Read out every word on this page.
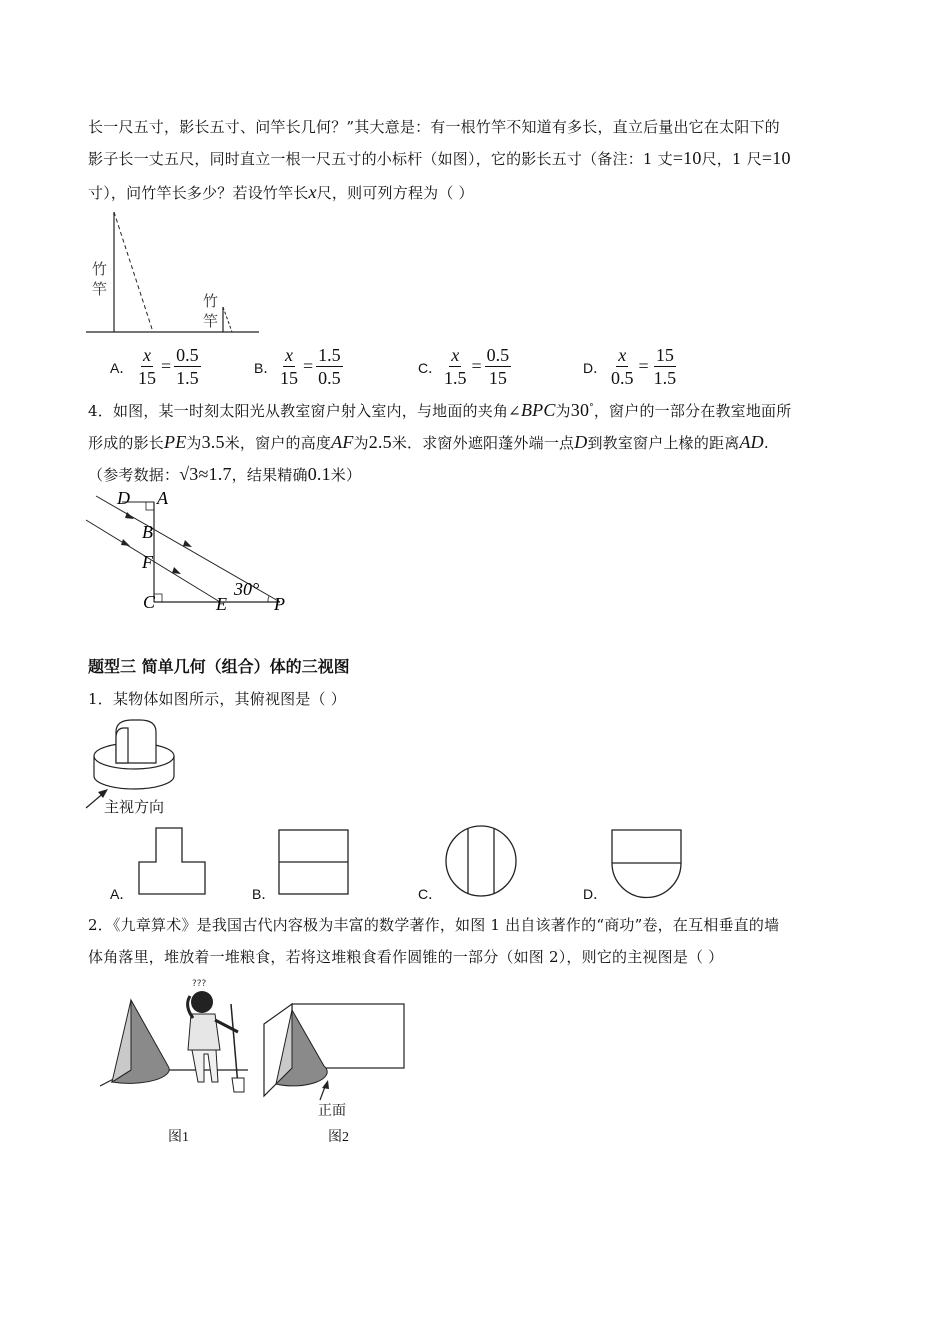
长一尺五寸，影长五寸、问竿长几何？”其大意是：有一根竹竿不知道有多长，直立后量出它在太阳下的
影子长一丈五尺，同时直立一根一尺五寸的小标杆（如图），它的影长五寸（备注：1 丈=10尺，1 尺=10
寸），问竹竿长多少？若设竹竿长x尺，则可列方程为（ ）
竹
竿
竹
竿
A． $\frac{x}{15} = \frac{0.5}{1.5}$	B． $\frac{x}{15} = \frac{1.5}{0.5}$	C． $\frac{x}{1.5} = \frac{0.5}{15}$	D． $\frac{x}{0.5} = \frac{15}{1.5}$
4．如图，某一时刻太阳光从教室窗户射入室内，与地面的夹角∠BPC为30°，窗户的一部分在教室地面所
形成的影长PE为3.5米，窗户的高度AF为2.5米．求窗外遮阳蓬外端一点D到教室窗户上椽的距离AD.
（参考数据：√3≈1.7，结果精确0.1米）
D A
B
F
C	E	P
30°
题型三 简单几何（组合）体的三视图
1．某物体如图所示，其俯视图是（ ）
主视方向
A．	B．	C．	D．
2．《九章算术》是我国古代内容极为丰富的数学著作，如图 1 出自该著作的“商功”卷，在互相垂直的墙
体角落里，堆放着一堆粮食，若将这堆粮食看作圆锥的一部分（如图 2），则它的主视图是（ ）
???
正面
图1	图2
